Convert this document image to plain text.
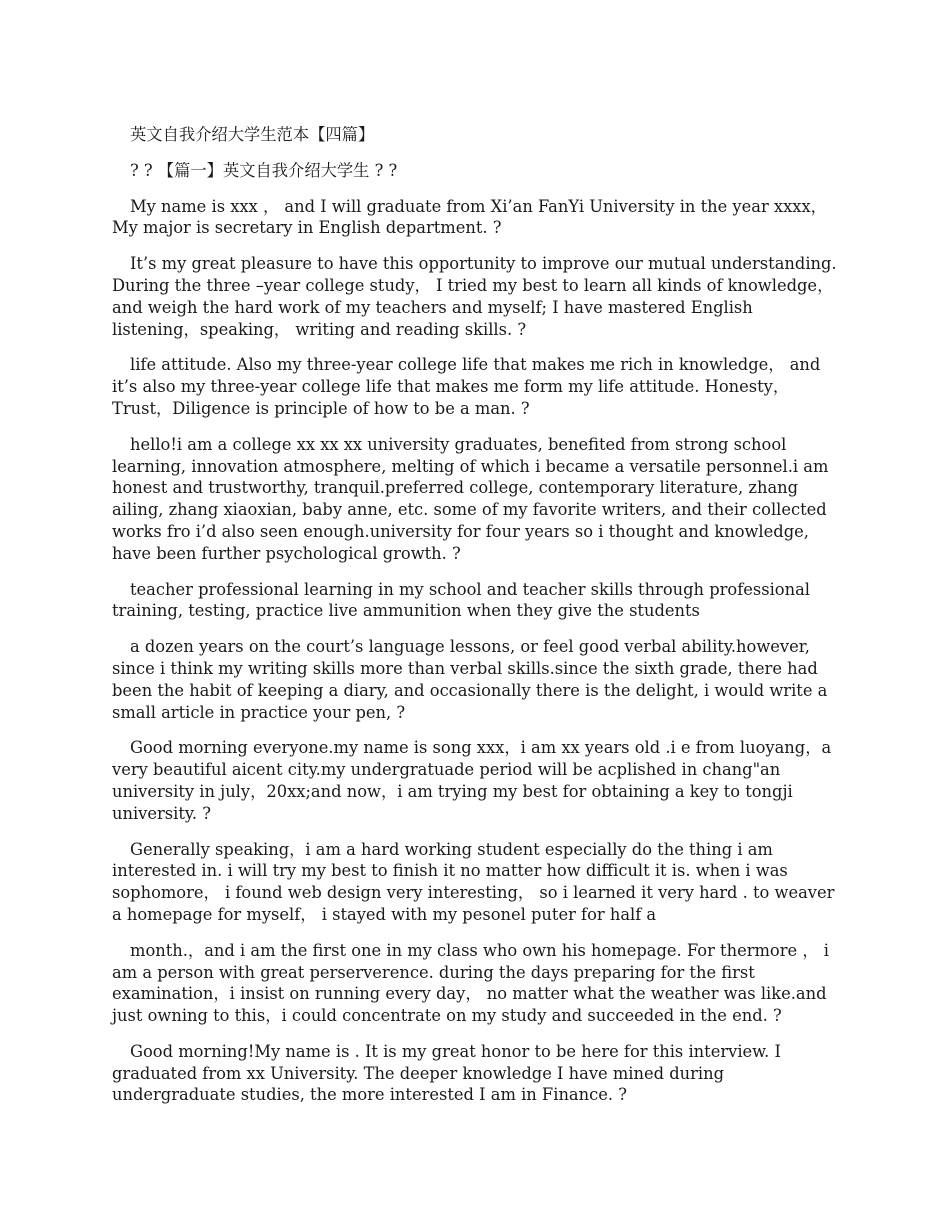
英文自我介绍大学生范本【四篇】

? ? 【篇一】英文自我介绍大学生 ? ?

My name is xxx ， and I will graduate from Xi’an FanYi University in the year xxxx， My major is secretary in English department. ?

It’s my great pleasure to have this opportunity to improve our mutual understanding. During the three –year college study， I tried my best to learn all kinds of knowledge，and weigh the hard work of my teachers and myself; I have mastered English listening，speaking， writing and reading skills. ?

life attitude. Also my three-year college life that makes me rich in knowledge， and it’s also my three-year college life that makes me form my life attitude. Honesty， Trust，Diligence is principle of how to be a man. ?

hello!i am a college xx xx xx university graduates, benefited from strong school learning, innovation atmosphere, melting of which i became a versatile personnel.i am honest and trustworthy, tranquil.preferred college, contemporary literature, zhang ailing, zhang xiaoxian, baby anne, etc. some of my favorite writers, and their collected works fro i’d also seen enough.university for four years so i thought and knowledge, have been further psychological growth. ?

teacher professional learning in my school and teacher skills through professional training, testing, practice live ammunition when they give the students

a dozen years on the court’s language lessons, or feel good verbal ability.however, since i think my writing skills more than verbal skills.since the sixth grade, there had been the habit of keeping a diary, and occasionally there is the delight, i would write a small article in practice your pen, ?

Good morning everyone.my name is song xxx，i am xx years old .i e from luoyang，a very beautiful aicent city.my undergratuade period will be acplished in chang"an university in july，20xx;and now，i am trying my best for obtaining a key to tongji university. ?

Generally speaking，i am a hard working student especially do the thing i am interested in. i will try my best to finish it no matter how difficult it is. when i was sophomore， i found web design very interesting， so i learned it very hard . to weaver a homepage for myself， i stayed with my pesonel puter for half a

month.，and i am the first one in my class who own his homepage. For thermore ， i am a person with great perserverence. during the days preparing for the first examination，i insist on running every day， no matter what the weather was like.and just owning to this，i could concentrate on my study and succeeded in the end. ?

Good morning!My name is . It is my great honor to be here for this interview. I graduated from xx University. The deeper knowledge I have mined during undergraduate studies, the more interested I am in Finance. ?
